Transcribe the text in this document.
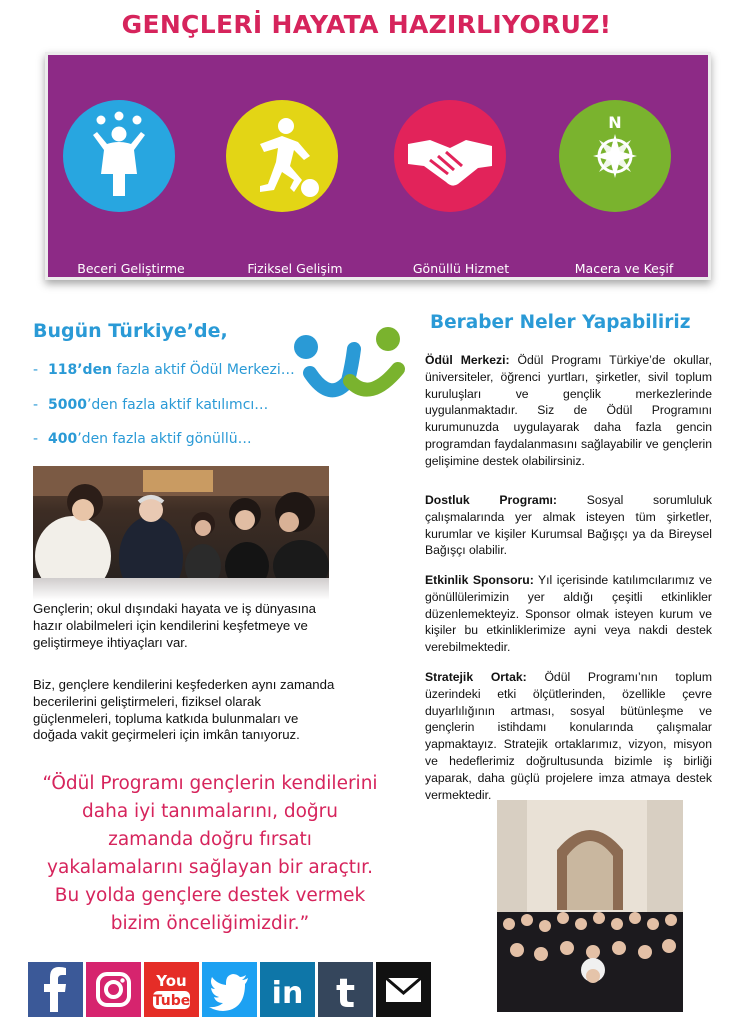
GENÇLERİ HAYATA HAZIRLIYORUZ!
N
Beceri Geliştirme	Fiziksel Gelişim	Gönüllü Hizmet	Macera ve Keşif
Bugün Türkiye’de,
- 118’den fazla aktif Ödül Merkezi…
- 5000’den fazla aktif katılımcı…
- 400’den fazla aktif gönüllü…
Gençlerin; okul dışındaki hayata ve iş dünyasına hazır olabilmeleri için kendilerini keşfetmeye ve geliştirmeye ihtiyaçları var.
Biz, gençlere kendilerini keşfederken aynı zamanda becerilerini geliştirmeleri, fiziksel olarak güçlenmeleri, topluma katkıda bulunmaları ve doğada vakit geçirmeleri için imkân tanıyoruz.
“Ödül Programı gençlerin kendilerini daha iyi tanımalarını, doğru zamanda doğru fırsatı yakalamalarını sağlayan bir araçtır. Bu yolda gençlere destek vermek bizim önceliğimizdir.”
Beraber Neler Yapabiliriz
Ödül Merkezi: Ödül Programı Türkiye’de okullar, üniversiteler, öğrenci yurtları, şirketler, sivil toplum kuruluşları ve gençlik merkezlerinde uygulanmaktadır. Siz de Ödül Programını kurumunuzda uygulayarak daha fazla gencin programdan faydalanmasını sağlayabilir ve gençlerin gelişimine destek olabilirsiniz.
Dostluk Programı: Sosyal sorumluluk çalışmalarında yer almak isteyen tüm şirketler, kurumlar ve kişiler Kurumsal Bağışçı ya da Bireysel Bağışçı olabilir.
Etkinlik Sponsoru: Yıl içerisinde katılımcılarımız ve gönüllülerimizin yer aldığı çeşitli etkinlikler düzenlemekteyiz. Sponsor olmak isteyen kurum ve kişiler bu etkinliklerimize ayni veya nakdi destek verebilmektedir.
Stratejik Ortak: Ödül Programı’nın toplum üzerindeki etki ölçütlerinden, özellikle çevre duyarlılığının artması, sosyal bütünleşme ve gençlerin istihdamı konularında çalışmalar yapmaktayız. Stratejik ortaklarımız, vizyon, misyon ve hedeflerimiz doğrultusunda bizimle iş birliği yaparak, daha güçlü projelere imza atmaya destek vermektedir.
You
Tube	in t
